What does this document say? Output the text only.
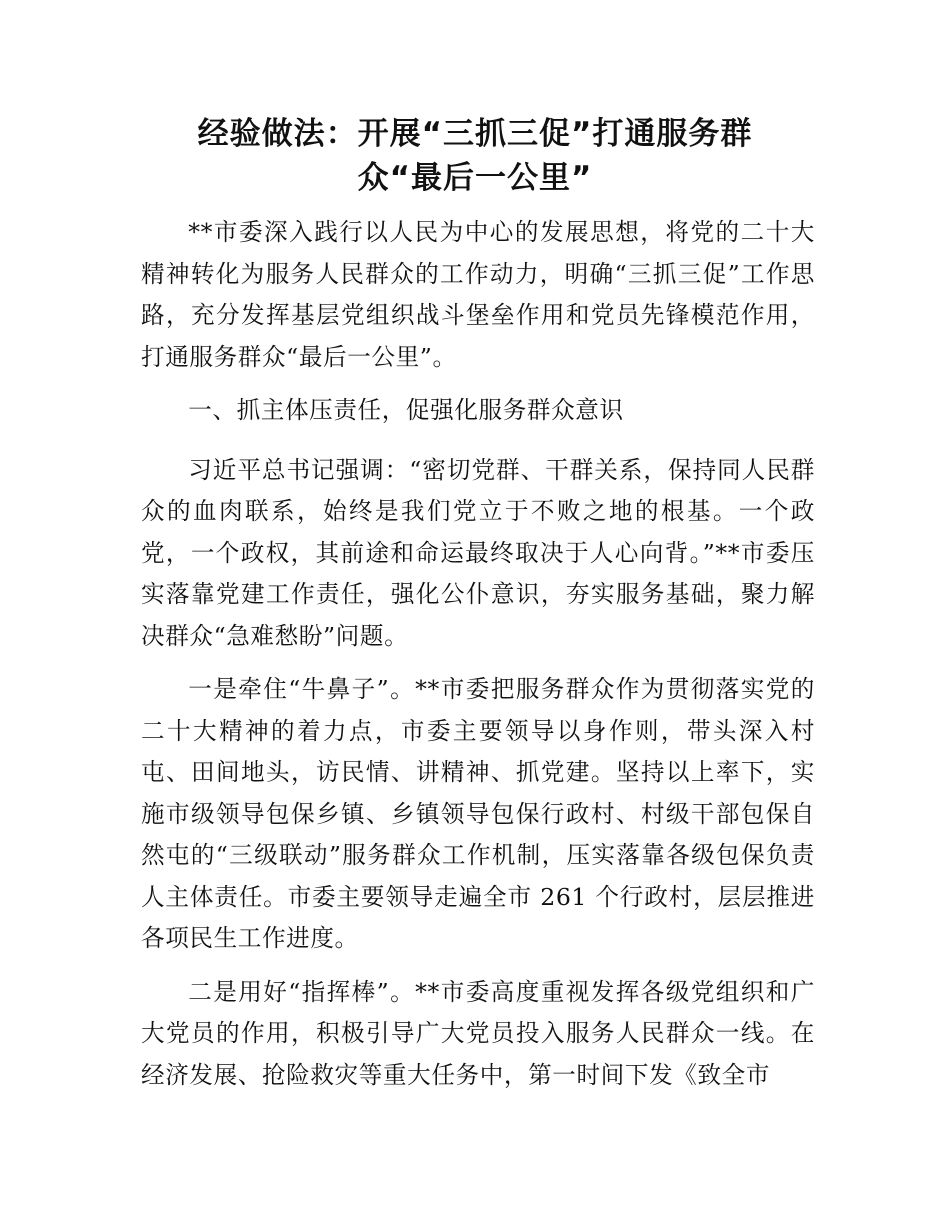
经验做法：开展“三抓三促”打通服务群
众“最后一公里”

**市委深入践行以人民为中心的发展思想，将党的二十大精神转化为服务人民群众的工作动力，明确“三抓三促”工作思路，充分发挥基层党组织战斗堡垒作用和党员先锋模范作用，打通服务群众“最后一公里”。

一、抓主体压责任，促强化服务群众意识

习近平总书记强调：“密切党群、干群关系，保持同人民群众的血肉联系，始终是我们党立于不败之地的根基。一个政党，一个政权，其前途和命运最终取决于人心向背。”**市委压实落靠党建工作责任，强化公仆意识，夯实服务基础，聚力解决群众“急难愁盼”问题。

一是牵住“牛鼻子”。**市委把服务群众作为贯彻落实党的二十大精神的着力点，市委主要领导以身作则，带头深入村屯、田间地头，访民情、讲精神、抓党建。坚持以上率下，实施市级领导包保乡镇、乡镇领导包保行政村、村级干部包保自然屯的“三级联动”服务群众工作机制，压实落靠各级包保负责人主体责任。市委主要领导走遍全市 261 个行政村，层层推进各项民生工作进度。

二是用好“指挥棒”。**市委高度重视发挥各级党组织和广大党员的作用，积极引导广大党员投入服务人民群众一线。在经济发展、抢险救灾等重大任务中，第一时间下发《致全市
